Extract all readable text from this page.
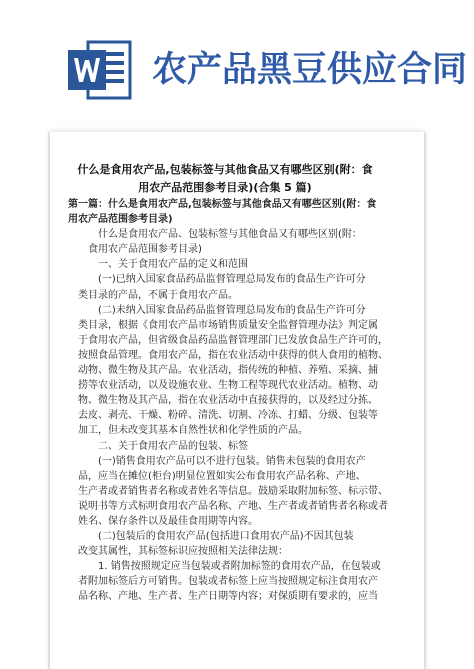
农产品黑豆供应合同
什么是食用农产品,包装标签与其他食品又有哪些区别(附：食
用农产品范围参考目录)(合集 5 篇)

第一篇：什么是食用农产品,包装标签与其他食品又有哪些区别(附：食

用农产品范围参考目录)

什么是食用农产品、包装标签与其他食品又有哪些区别(附：

食用农产品范围参考目录)

一、关于食用农产品的定义和范围

(一)已纳入国家食品药品监督管理总局发布的食品生产许可分

类目录的产品，不属于食用农产品。

(二)未纳入国家食品药品监督管理总局发布的食品生产许可分

类目录，根据《食用农产品市场销售质量安全监督管理办法》判定属

于食用农产品，但省级食品药品监督管理部门已发放食品生产许可的，

按照食品管理。食用农产品，指在农业活动中获得的供人食用的植物、

动物、微生物及其产品。农业活动，指传统的种植、养殖、采摘、捕

捞等农业活动，以及设施农业、生物工程等现代农业活动。植物、动

物、微生物及其产品，指在农业活动中直接获得的，以及经过分拣、

去皮、剥壳、干燥、粉碎、清洗、切割、冷冻、打蜡、分级、包装等

加工，但未改变其基本自然性状和化学性质的产品。

二、关于食用农产品的包装、标签

(一)销售食用农产品可以不进行包装。销售未包装的食用农产

品，应当在摊位(柜台)明显位置如实公布食用农产品名称、产地、

生产者或者销售者名称或者姓名等信息。鼓励采取附加标签、标示带、

说明书等方式标明食用农产品名称、产地、生产者或者销售者名称或者

姓名、保存条件以及最佳食用期等内容。

(二)包装后的食用农产品(包括进口食用农产品)不因其包装

改变其属性，其标签标识应按照相关法律法规：

1. 销售按照规定应当包装或者附加标签的食用农产品，在包装或

者附加标签后方可销售。包装或者标签上应当按照规定标注食用农产

品名称、产地、生产者、生产日期等内容；对保质期有要求的，应当
